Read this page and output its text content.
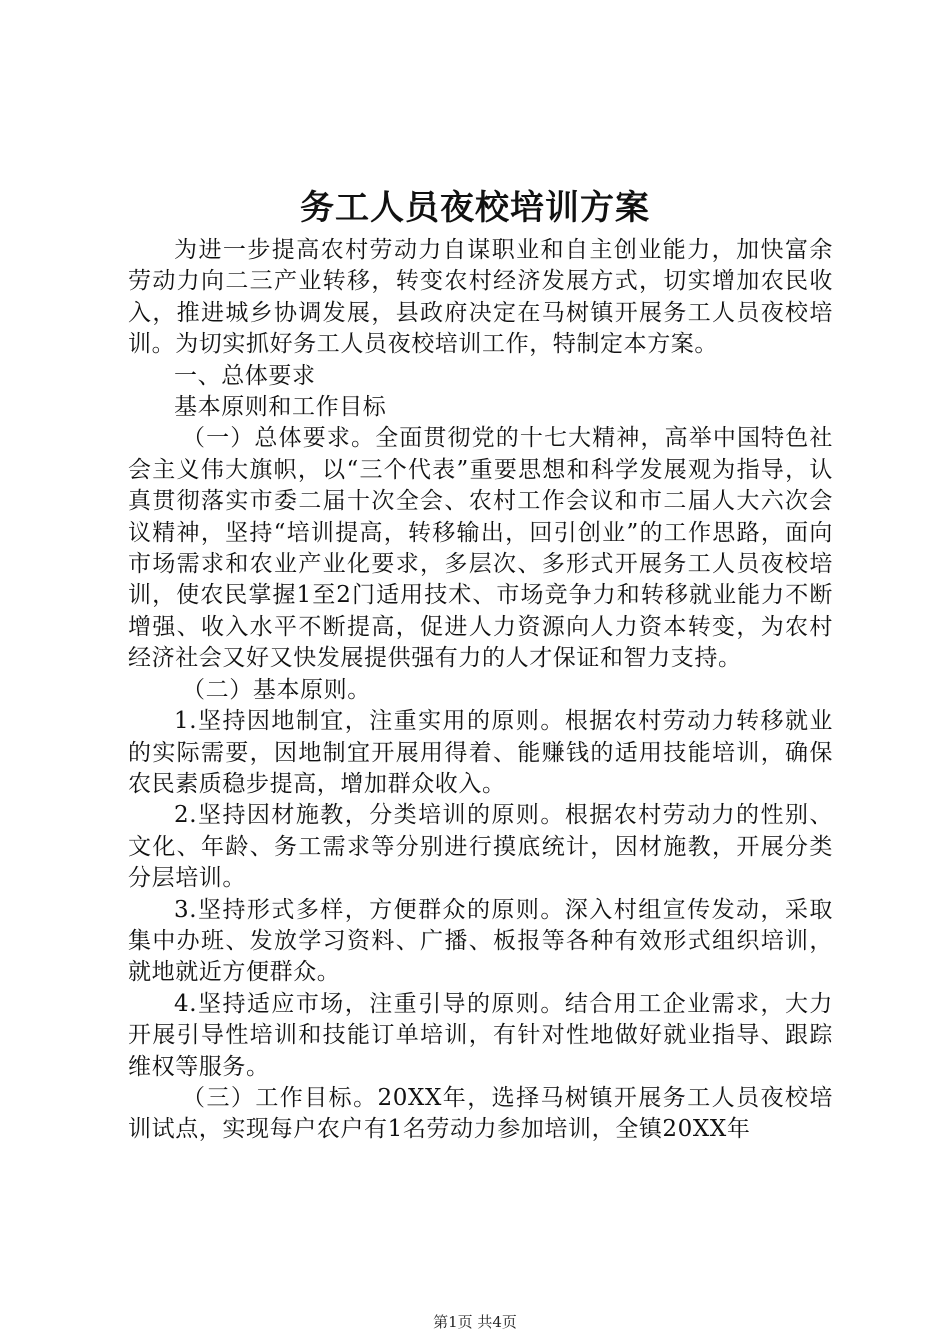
务工人员夜校培训方案

为进一步提高农村劳动力自谋职业和自主创业能力，加快富余劳动力向二三产业转移，转变农村经济发展方式，切实增加农民收入，推进城乡协调发展，县政府决定在马树镇开展务工人员夜校培训。为切实抓好务工人员夜校培训工作，特制定本方案。

一、总体要求

基本原则和工作目标

（一）总体要求。全面贯彻党的十七大精神，高举中国特色社会主义伟大旗帜，以“三个代表”重要思想和科学发展观为指导，认真贯彻落实市委二届十次全会、农村工作会议和市二届人大六次会议精神，坚持“培训提高，转移输出，回引创业”的工作思路，面向市场需求和农业产业化要求，多层次、多形式开展务工人员夜校培训，使农民掌握1至2门适用技术、市场竞争力和转移就业能力不断增强、收入水平不断提高，促进人力资源向人力资本转变，为农村经济社会又好又快发展提供强有力的人才保证和智力支持。

（二）基本原则。

1.坚持因地制宜，注重实用的原则。根据农村劳动力转移就业的实际需要，因地制宜开展用得着、能赚钱的适用技能培训，确保农民素质稳步提高，增加群众收入。

2.坚持因材施教，分类培训的原则。根据农村劳动力的性别、文化、年龄、务工需求等分别进行摸底统计，因材施教，开展分类分层培训。

3.坚持形式多样，方便群众的原则。深入村组宣传发动，采取集中办班、发放学习资料、广播、板报等各种有效形式组织培训，就地就近方便群众。

4.坚持适应市场，注重引导的原则。结合用工企业需求，大力开展引导性培训和技能订单培训，有针对性地做好就业指导、跟踪维权等服务。

（三）工作目标。20XX年，选择马树镇开展务工人员夜校培训试点，实现每户农户有1名劳动力参加培训，全镇20XX年

第1页 共4页
